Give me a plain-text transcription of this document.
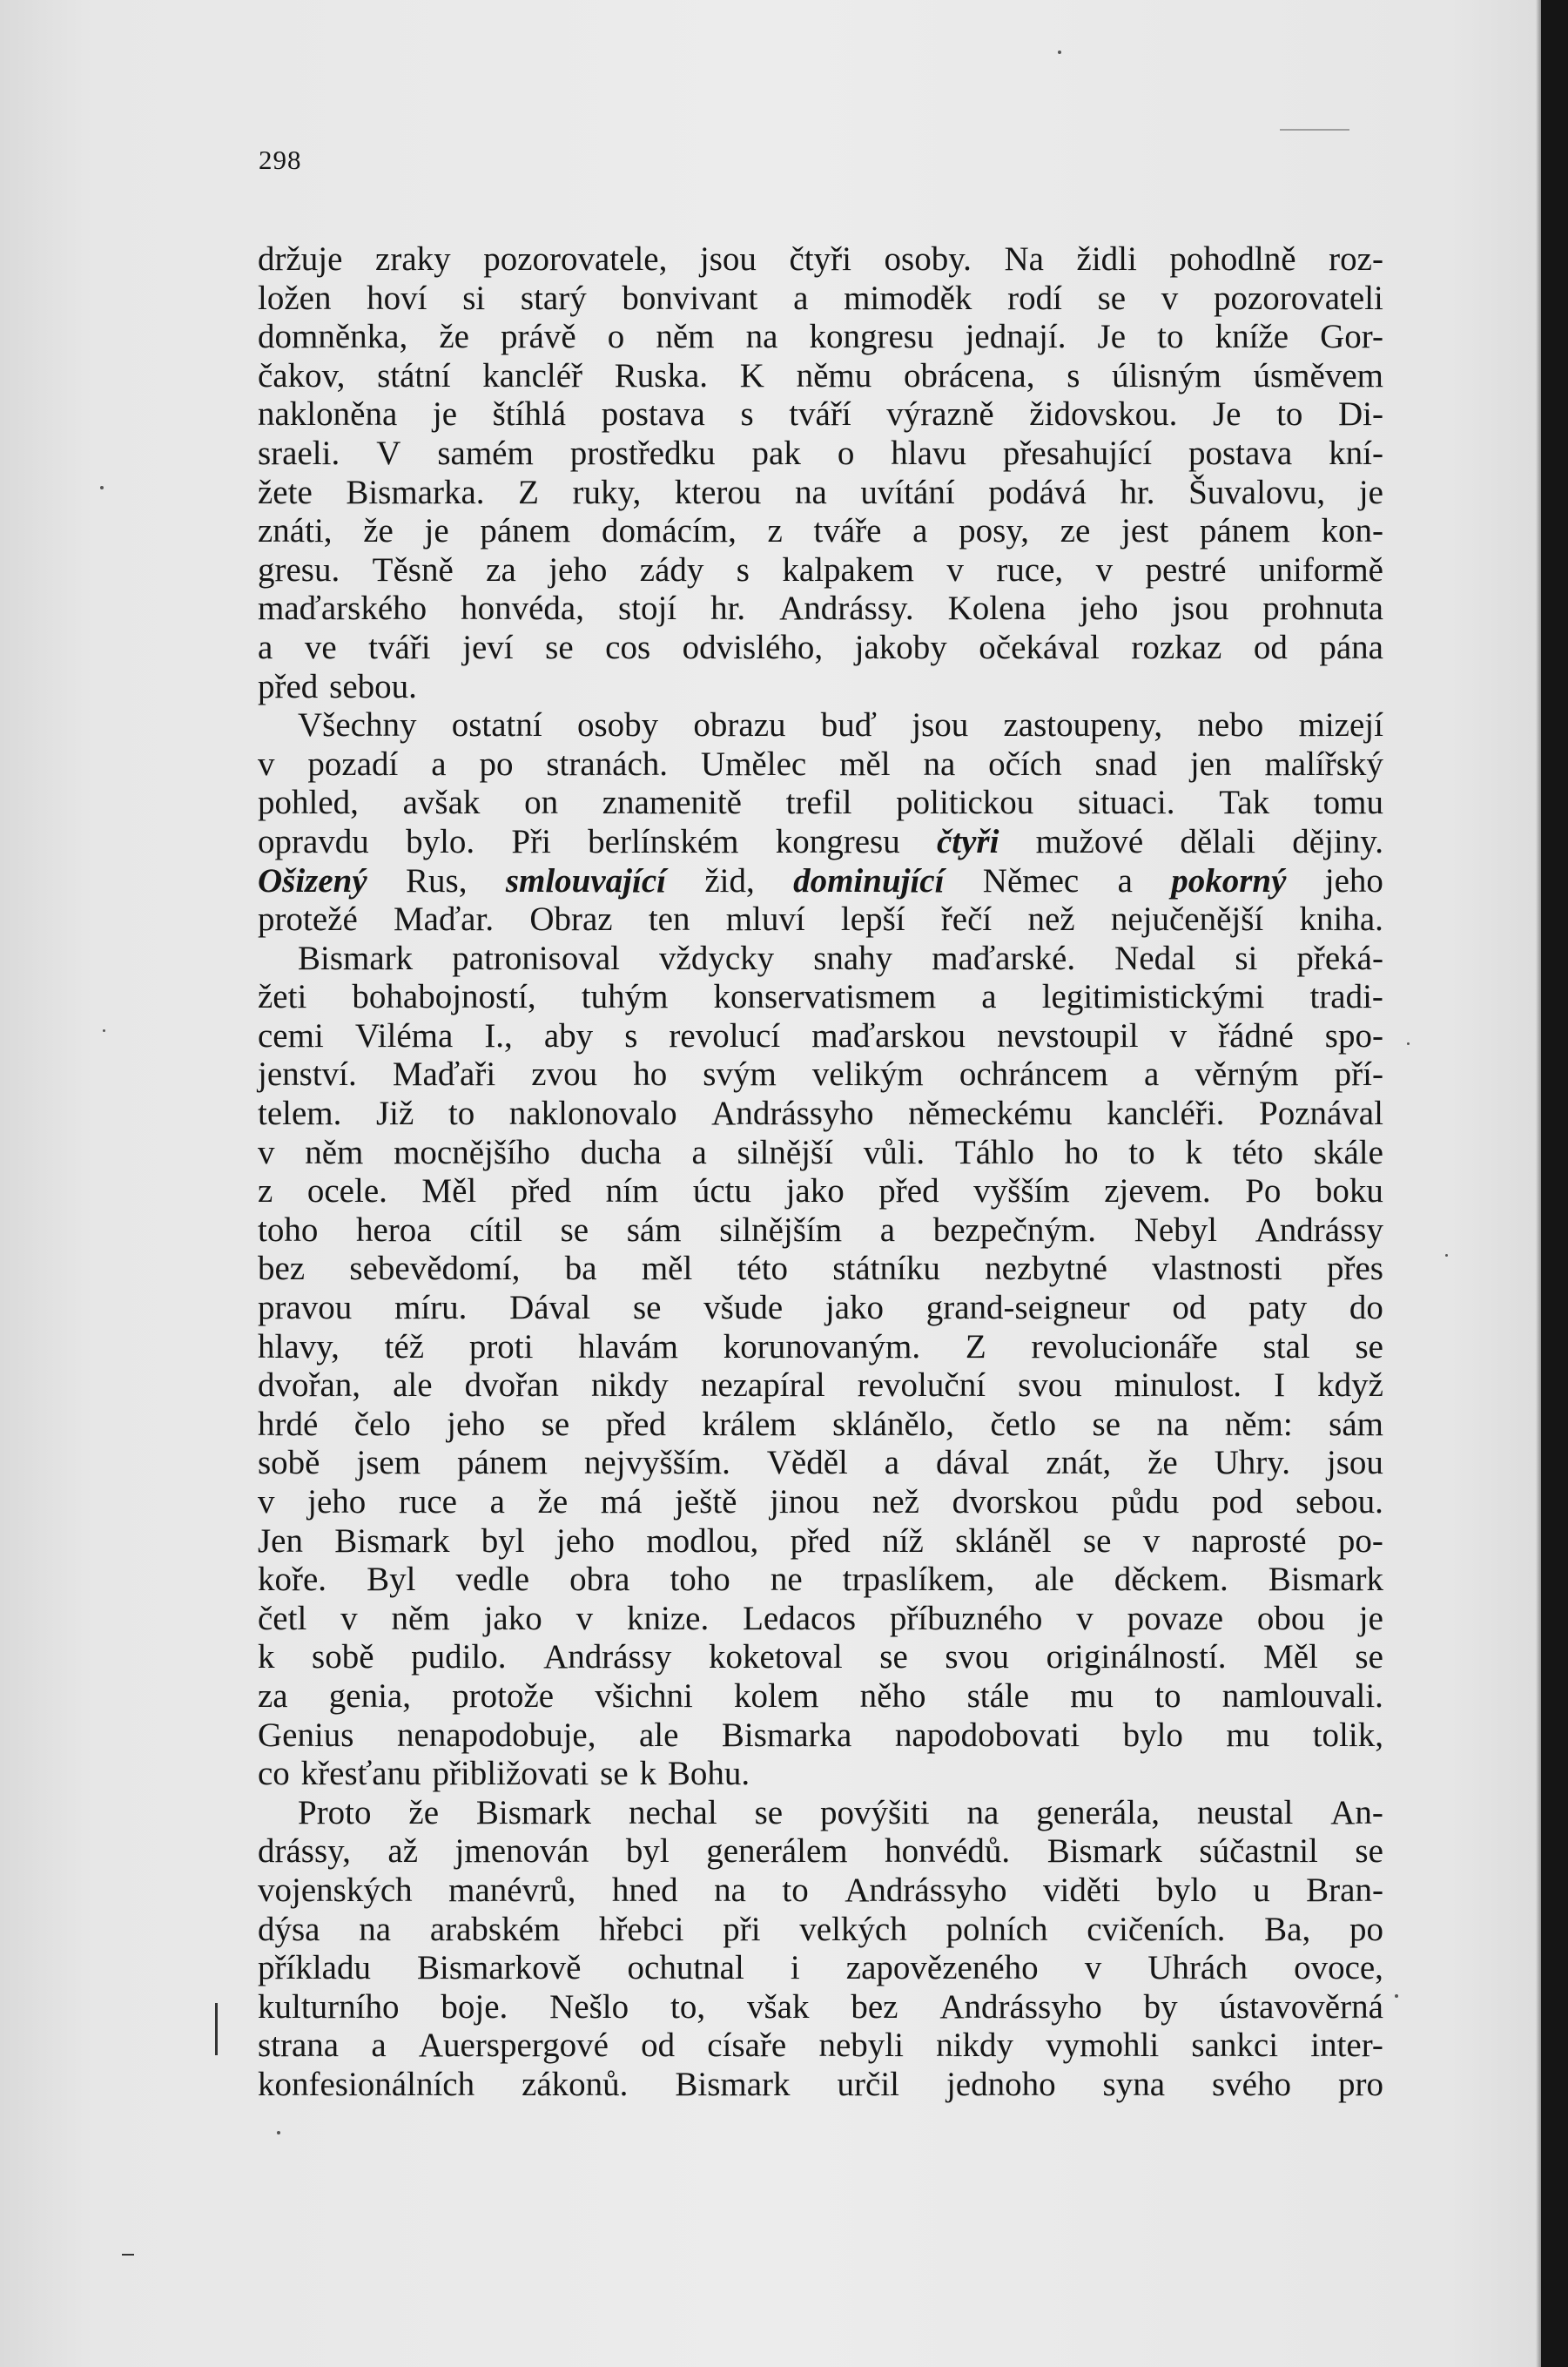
298
držuje zraky pozorovatele, jsou čtyři osoby. Na židli pohodlně roz-
ložen hoví si starý bonvivant a mimoděk rodí se v pozorovateli
domněnka, že právě o něm na kongresu jednají. Je to kníže Gor-
čakov, státní kancléř Ruska. K němu obrácena, s úlisným úsměvem
nakloněna je štíhlá postava s tváří výrazně židovskou. Je to Di-
sraeli. V samém prostředku pak o hlavu přesahující postava kní-
žete Bismarka. Z ruky, kterou na uvítání podává hr. Šuvalovu, je
znáti, že je pánem domácím, z tváře a posy, ze jest pánem kon-
gresu. Těsně za jeho zády s kalpakem v ruce, v pestré uniformě
maďarského honvéda, stojí hr. Andrássy. Kolena jeho jsou prohnuta
a ve tváři jeví se cos odvislého, jakoby očekával rozkaz od pána
před sebou.
Všechny ostatní osoby obrazu buď jsou zastoupeny, nebo mizejí
v pozadí a po stranách. Umělec měl na očích snad jen malířský
pohled, avšak on znamenitě trefil politickou situaci. Tak tomu
opravdu bylo. Při berlínském kongresu čtyři mužové dělali dějiny.
Ošizený Rus, smlouvající žid, dominující Němec a pokorný jeho
protežé Maďar. Obraz ten mluví lepší řečí než nejučenější kniha.
Bismark patronisoval vždycky snahy maďarské. Nedal si překá-
žeti bohabojností, tuhým konservatismem a legitimistickými tradi-
cemi Viléma I., aby s revolucí maďarskou nevstoupil v řádné spo-
jenství. Maďaři zvou ho svým velikým ochráncem a věrným pří-
telem. Již to naklonovalo Andrássyho německému kancléři. Poznával
v něm mocnějšího ducha a silnější vůli. Táhlo ho to k této skále
z ocele. Měl před ním úctu jako před vyšším zjevem. Po boku
toho heroa cítil se sám silnějším a bezpečným. Nebyl Andrássy
bez sebevědomí, ba měl této státníku nezbytné vlastnosti přes
pravou míru. Dával se všude jako grand-seigneur od paty do
hlavy, též proti hlavám korunovaným. Z revolucionáře stal se
dvořan, ale dvořan nikdy nezapíral revoluční svou minulost. I když
hrdé čelo jeho se před králem sklánělo, četlo se na něm: sám
sobě jsem pánem nejvyšším. Věděl a dával znát, že Uhry. jsou
v jeho ruce a že má ještě jinou než dvorskou půdu pod sebou.
Jen Bismark byl jeho modlou, před níž skláněl se v naprosté po-
koře. Byl vedle obra toho ne trpaslíkem, ale děckem. Bismark
četl v něm jako v knize. Ledacos příbuzného v povaze obou je
k sobě pudilo. Andrássy koketoval se svou originálností. Měl se
za genia, protože všichni kolem něho stále mu to namlouvali.
Genius nenapodobuje, ale Bismarka napodobovati bylo mu tolik,
co křesťanu přibližovati se k Bohu.
Proto že Bismark nechal se povýšiti na generála, neustal An-
drássy, až jmenován byl generálem honvédů. Bismark súčastnil se
vojenských manévrů, hned na to Andrássyho viděti bylo u Bran-
dýsa na arabském hřebci při velkých polních cvičeních. Ba, po
příkladu Bismarkově ochutnal i zapovězeného v Uhrách ovoce,
kulturního boje. Nešlo to, však bez Andrássyho by ústavověrná
strana a Auerspergové od císaře nebyli nikdy vymohli sankci inter-
konfesionálních zákonů. Bismark určil jednoho syna svého pro
